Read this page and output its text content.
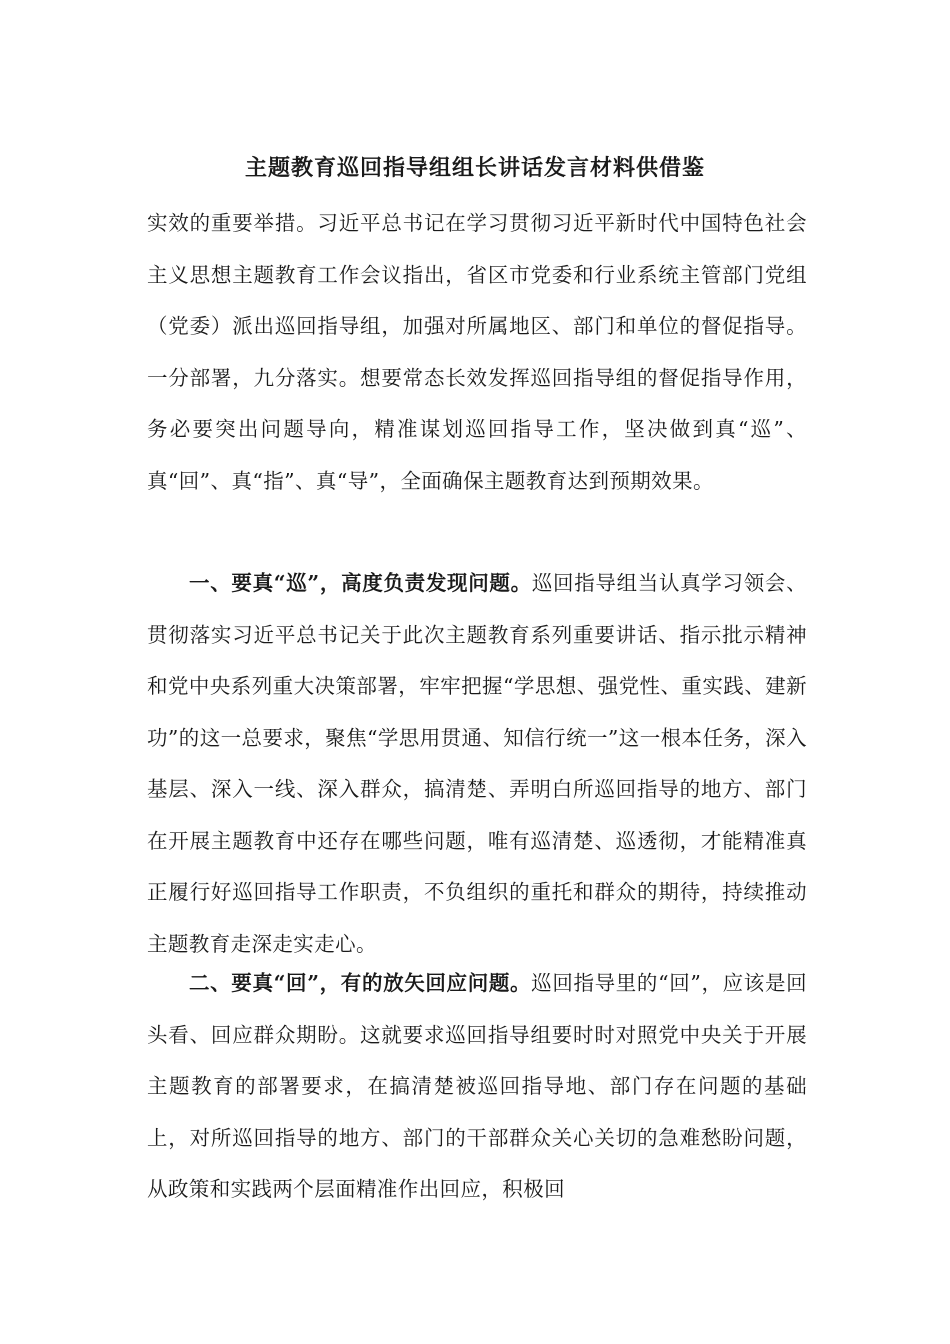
主题教育巡回指导组组长讲话发言材料供借鉴

实效的重要举措。习近平总书记在学习贯彻习近平新时代中国特色社会主义思想主题教育工作会议指出，省区市党委和行业系统主管部门党组（党委）派出巡回指导组，加强对所属地区、部门和单位的督促指导。一分部署，九分落实。想要常态长效发挥巡回指导组的督促指导作用，务必要突出问题导向，精准谋划巡回指导工作，坚决做到真“巡”、真“回”、真“指”、真“导”，全面确保主题教育达到预期效果。

一、要真“巡”，高度负责发现问题。巡回指导组当认真学习领会、贯彻落实习近平总书记关于此次主题教育系列重要讲话、指示批示精神和党中央系列重大决策部署，牢牢把握“学思想、强党性、重实践、建新功”的这一总要求，聚焦“学思用贯通、知信行统一”这一根本任务，深入基层、深入一线、深入群众，搞清楚、弄明白所巡回指导的地方、部门在开展主题教育中还存在哪些问题，唯有巡清楚、巡透彻，才能精准真正履行好巡回指导工作职责，不负组织的重托和群众的期待，持续推动主题教育走深走实走心。

二、要真“回”，有的放矢回应问题。巡回指导里的“回”，应该是回头看、回应群众期盼。这就要求巡回指导组要时时对照党中央关于开展主题教育的部署要求，在搞清楚被巡回指导地、部门存在问题的基础上，对所巡回指导的地方、部门的干部群众关心关切的急难愁盼问题，从政策和实践两个层面精准作出回应，积极回
